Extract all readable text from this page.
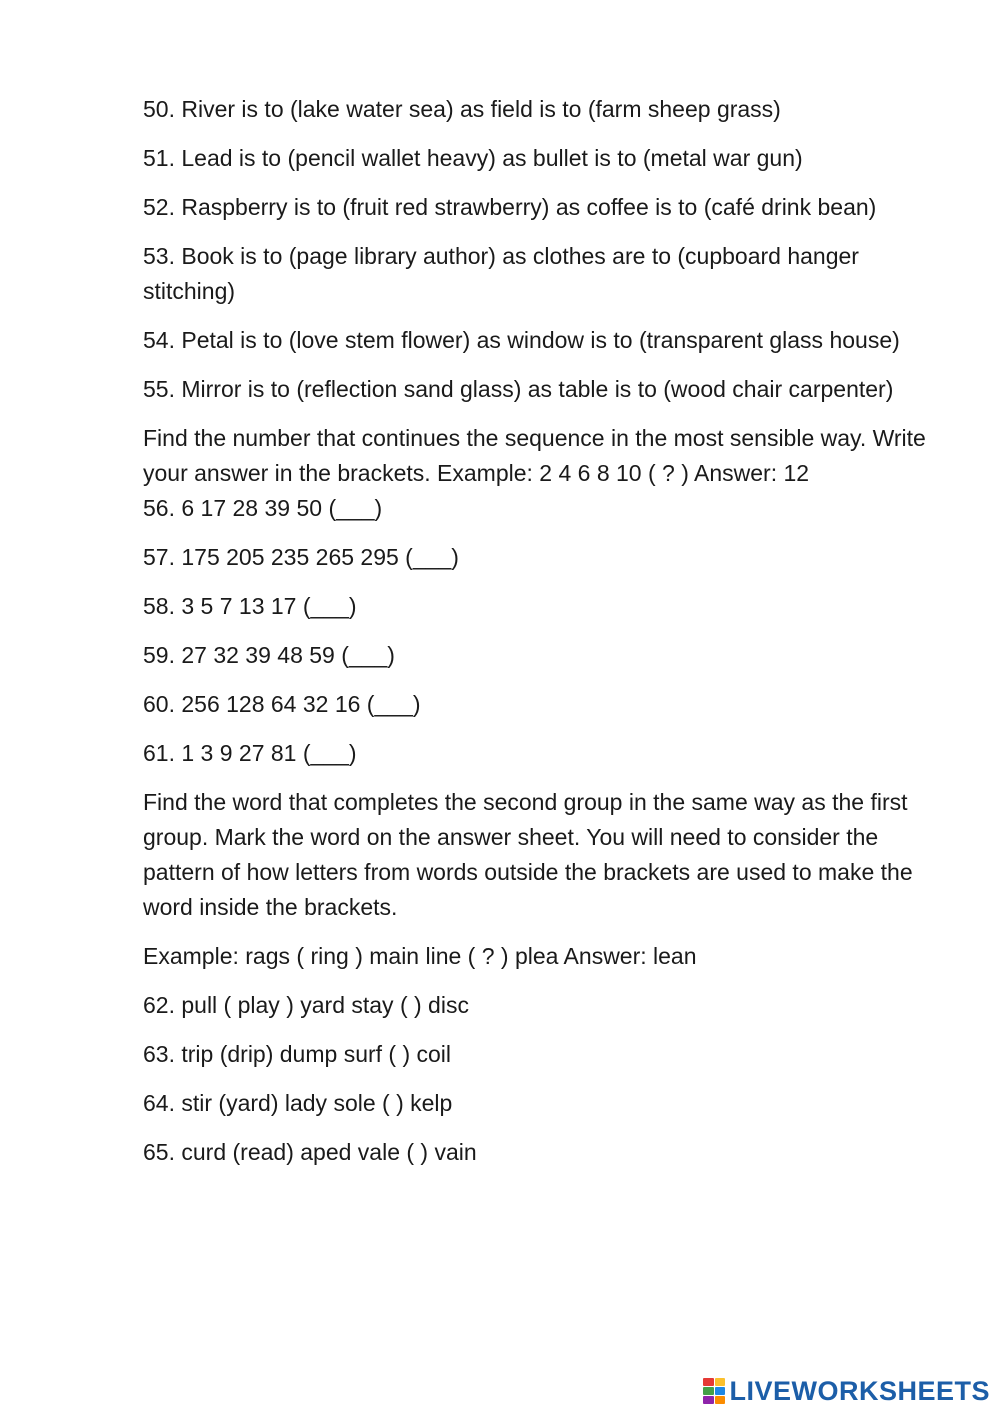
50. River is to (lake water sea) as field is to (farm sheep grass)

51. Lead is to (pencil wallet heavy) as bullet is to (metal war gun)

52. Raspberry is to (fruit red strawberry) as coffee is to (café drink bean)

53. Book is to (page library author) as clothes are to (cupboard hanger stitching)

54. Petal is to (love stem flower) as window is to (transparent glass house)

55. Mirror is to (reflection sand glass) as table is to (wood chair carpenter)

Find the number that continues the sequence in the most sensible way. Write your answer in the brackets. Example: 2 4 6 8 10 ( ? ) Answer: 12

56. 6 17 28 39 50 (___)

57. 175 205 235 265 295 (___)

58. 3 5 7 13 17 (___)

59. 27 32 39 48 59 (___)

60. 256 128 64 32 16 (___)

61. 1 3 9 27 81 (___)

Find the word that completes the second group in the same way as the first group. Mark the word on the answer sheet. You will need to consider the pattern of how letters from words outside the brackets are used to make the word inside the brackets.

Example: rags ( ring ) main line ( ? ) plea Answer: lean

62. pull ( play ) yard stay ( ) disc

63. trip (drip) dump surf ( ) coil

64. stir (yard) lady sole ( ) kelp

65. curd (read) aped vale ( ) vain

LIVEWORKSHEETS
